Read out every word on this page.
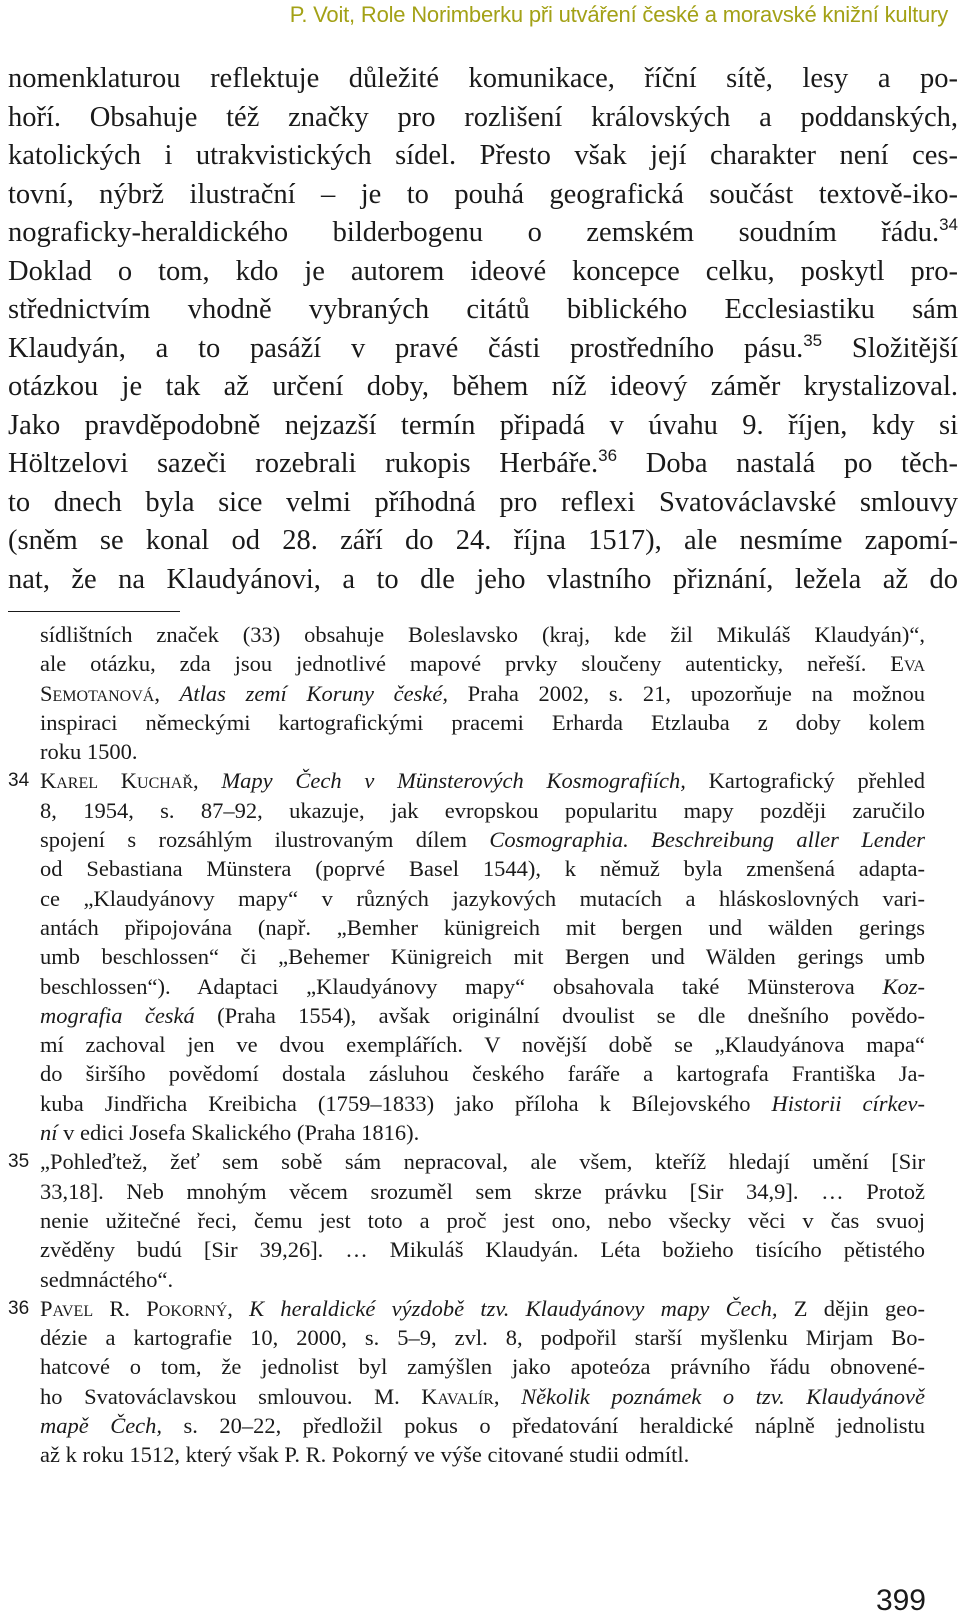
P. Voit, Role Norimberku při utváření české a moravské knižní kultury
nomenklaturou reflektuje důležité komunikace, říční sítě, lesy a po-
hoří. Obsahuje též značky pro rozlišení královských a poddanských,
katolických i utrakvistických sídel. Přesto však její charakter není ces-
tovní, nýbrž ilustrační – je to pouhá geografická součást textově-iko-
nograficky-heraldického bilderbogenu o zemském soudním řádu.$^{34}$
Doklad o tom, kdo je autorem ideové koncepce celku, poskytl pro-
střednictvím vhodně vybraných citátů biblického Ecclesiastiku sám
Klaudyán, a to pasáží v pravé části prostředního pásu.$^{35}$ Složitější
otázkou je tak až určení doby, během níž ideový záměr krystalizoval.
Jako pravděpodobně nejzazší termín připadá v úvahu 9. říjen, kdy si
Höltzelovi sazeči rozebrali rukopis Herbáře.$^{36}$ Doba nastalá po těch-
to dnech byla sice velmi příhodná pro reflexi Svatováclavské smlouvy
(sněm se konal od 28. září do 24. října 1517), ale nesmíme zapomí-
nat, že na Klaudyánovi, a to dle jeho vlastního přiznání, ležela až do
sídlištních značek (33) obsahuje Boleslavsko (kraj, kde žil Mikuláš Klaudyán)“,
ale otázku, zda jsou jednotlivé mapové prvky sloučeny autenticky, neřeší. Eva
Semotanová, Atlas zemí Koruny české, Praha 2002, s. 21, upozorňuje na možnou
inspiraci německými kartografickými pracemi Erharda Etzlauba z doby kolem
roku 1500.
34 Karel Kuchař, Mapy Čech v Münsterových Kosmografiích, Kartografický přehled
8, 1954, s. 87–92, ukazuje, jak evropskou popularitu mapy později zaručilo
spojení s rozsáhlým ilustrovaným dílem Cosmographia. Beschreibung aller Lender
od Sebastiana Münstera (poprvé Basel 1544), k němuž byla zmenšená adapta-
ce „Klaudyánovy mapy“ v různých jazykových mutacích a hláskoslovných vari-
antách připojována (např. „Bemher künigreich mit bergen und wälden gerings
umb beschlossen“ či „Behemer Künigreich mit Bergen und Wälden gerings umb
beschlossen“). Adaptaci „Klaudyánovy mapy“ obsahovala také Münsterova Koz-
mografia česká (Praha 1554), avšak originální dvoulist se dle dnešního povědo-
mí zachoval jen ve dvou exemplářích. V novější době se „Klaudyánova mapa“
do širšího povědomí dostala zásluhou českého faráře a kartografa Františka Ja-
kuba Jindřicha Kreibicha (1759–1833) jako příloha k Bílejovského Historii církev-
ní v edici Josefa Skalického (Praha 1816).
35 „Pohleďtež, žeť sem sobě sám nepracoval, ale všem, kteříž hledají umění [Sir
33,18]. Neb mnohým věcem srozuměl sem skrze právku [Sir 34,9]. … Protož
nenie užitečné řeci, čemu jest toto a proč jest ono, nebo všecky věci v čas svuoj
zvěděny budú [Sir 39,26]. … Mikuláš Klaudyán. Léta božieho tisícího pětistého
sedmnáctého“.
36 Pavel R. Pokorný, K heraldické výzdobě tzv. Klaudyánovy mapy Čech, Z dějin geo-
dézie a kartografie 10, 2000, s. 5–9, zvl. 8, podpořil starší myšlenku Mirjam Bo-
hatcové o tom, že jednolist byl zamýšlen jako apoteóza právního řádu obnovené-
ho Svatováclavskou smlouvou. M. Kavalír, Několik poznámek o tzv. Klaudyánově
mapě Čech, s. 20–22, předložil pokus o předatování heraldické náplně jednolistu
až k roku 1512, který však P. R. Pokorný ve výše citované studii odmítl.
399
